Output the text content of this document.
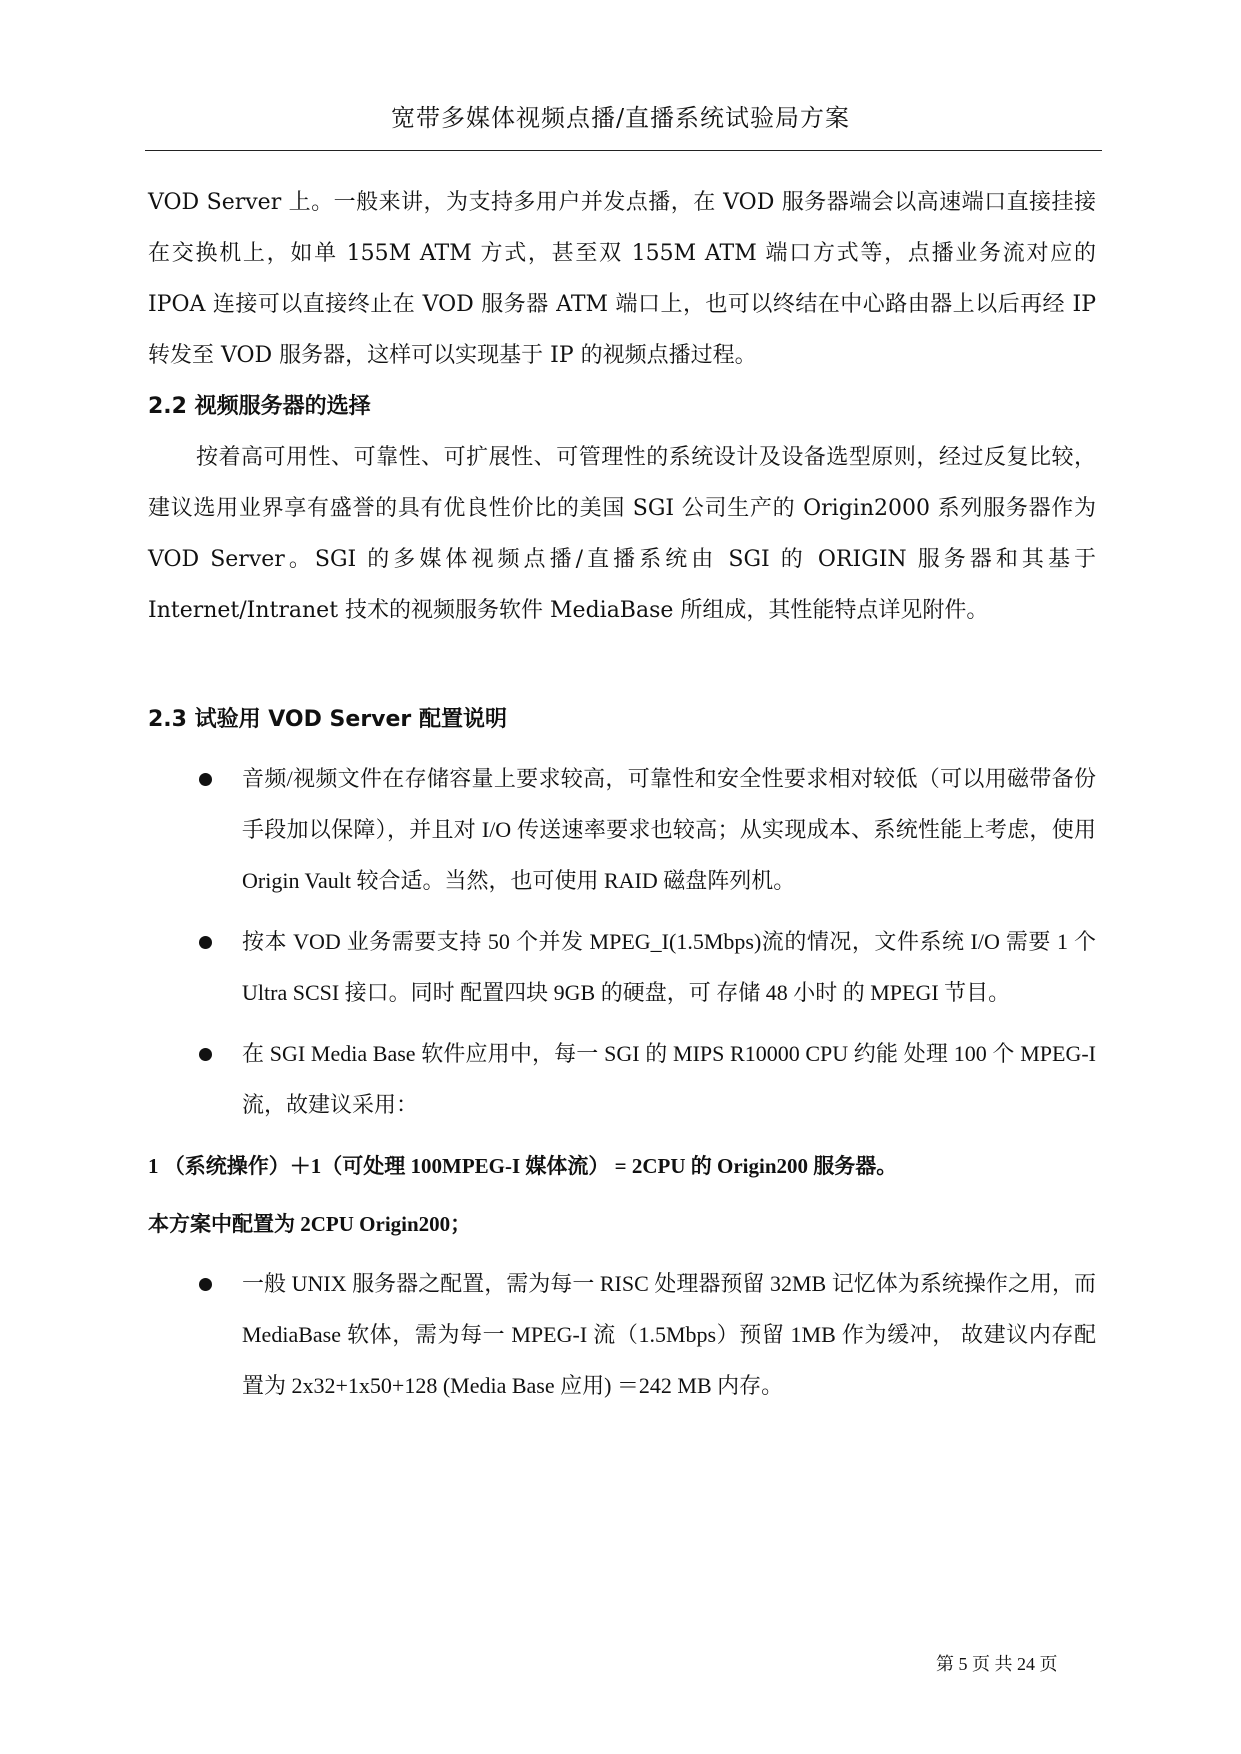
宽带多媒体视频点播/直播系统试验局方案

VOD Server 上。一般来讲，为支持多用户并发点播，在 VOD 服务器端会以高速端口直接挂接在交换机上，如单 155M ATM 方式，甚至双 155M ATM 端口方式等，点播业务流对应的 IPOA 连接可以直接终止在 VOD 服务器 ATM 端口上，也可以终结在中心路由器上以后再经 IP 转发至 VOD 服务器，这样可以实现基于 IP 的视频点播过程。

2.2 视频服务器的选择

按着高可用性、可靠性、可扩展性、可管理性的系统设计及设备选型原则，经过反复比较，建议选用业界享有盛誉的具有优良性价比的美国 SGI 公司生产的 Origin2000 系列服务器作为 VOD Server。SGI 的多媒体视频点播/直播系统由 SGI 的 ORIGIN 服务器和其基于 Internet/Intranet 技术的视频服务软件 MediaBase 所组成，其性能特点详见附件。

2.3 试验用 VOD Server 配置说明
音频/视频文件在存储容量上要求较高，可靠性和安全性要求相对较低（可以用磁带备份手段加以保障），并且对 I/O 传送速率要求也较高；从实现成本、系统性能上考虑，使用 Origin Vault 较合适。当然，也可使用 RAID 磁盘阵列机。
按本 VOD 业务需要支持 50 个并发 MPEG_I(1.5Mbps)流的情况，文件系统 I/O 需要 1 个 Ultra SCSI 接口。同时 配置四块 9GB 的硬盘，可 存储 48 小时 的 MPEGI 节目。
在 SGI Media Base 软件应用中，每一 SGI 的 MIPS R10000 CPU 约能 处理 100 个 MPEG-I 流，故建议采用：

1 （系统操作）＋1（可处理 100MPEG-I 媒体流） = 2CPU 的 Origin200 服务器。

本方案中配置为 2CPU Origin200；

一般 UNIX 服务器之配置，需为每一 RISC 处理器预留 32MB 记忆体为系统操作之用，而 MediaBase 软体，需为每一 MPEG-I 流（1.5Mbps）预留 1MB 作为缓冲， 故建议内存配置为 2x32+1x50+128 (Media Base 应用) ＝242 MB 内存。
第 5 页 共 24 页
